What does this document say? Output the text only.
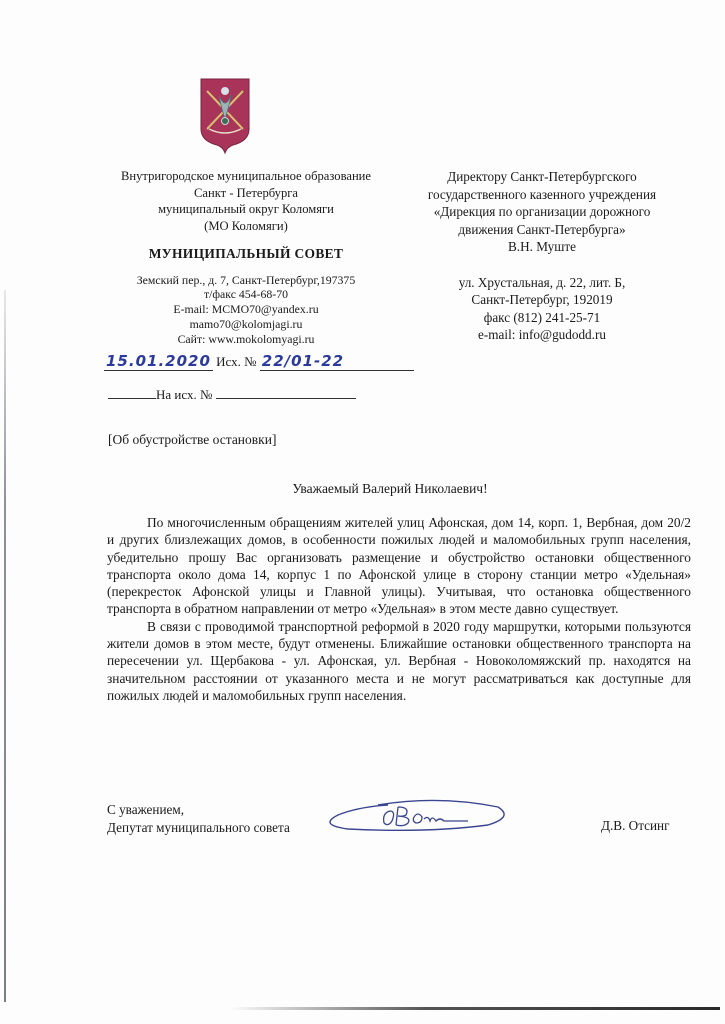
Внутригородское муниципальное образование
Санкт - Петербурга
муниципальный округ Коломяги
(МО Коломяги)
МУНИЦИПАЛЬНЫЙ СОВЕТ
Земский пер., д. 7, Санкт-Петербург,197375
т/факс 454-68-70
E-mail: МСМО70@yandex.ru
mamo70@kolomjagi.ru
Сайт: www.mokolomyagi.ru
Директору Санкт-Петербургского
государственного казенного учреждения
«Дирекция по организации дорожного
движения Санкт-Петербурга»
В.Н. Муште
ул. Хрустальная, д. 22, лит. Б,
Санкт-Петербург, 192019
факс (812) 241-25-71
e-mail: info@gudodd.ru
15.01.2020 Исх. № 22/01-22
На исх. №
[Об обустройстве остановки]
Уважаемый Валерий Николаевич!

По многочисленным обращениям жителей улиц Афонская, дом 14, корп. 1, Вербная, дом 20/2 и других близлежащих домов, в особенности пожилых людей и маломобильных групп населения, убедительно прошу Вас организовать размещение и обустройство остановки общественного транспорта около дома 14, корпус 1 по Афонской улице в сторону станции метро «Удельная» (перекресток Афонской улицы и Главной улицы). Учитывая, что остановка общественного транспорта в обратном направлении от метро «Удельная» в этом месте давно существует.

В связи с проводимой транспортной реформой в 2020 году маршрутки, которыми пользуются жители домов в этом месте, будут отменены. Ближайшие остановки общественного транспорта на пересечении ул. Щербакова - ул. Афонская, ул. Вербная - Новоколомяжский пр. находятся на значительном расстоянии от указанного места и не могут рассматриваться как доступные для пожилых людей и маломобильных групп населения.

С уважением,
Депутат муниципального совета	Д.В. Отсинг
